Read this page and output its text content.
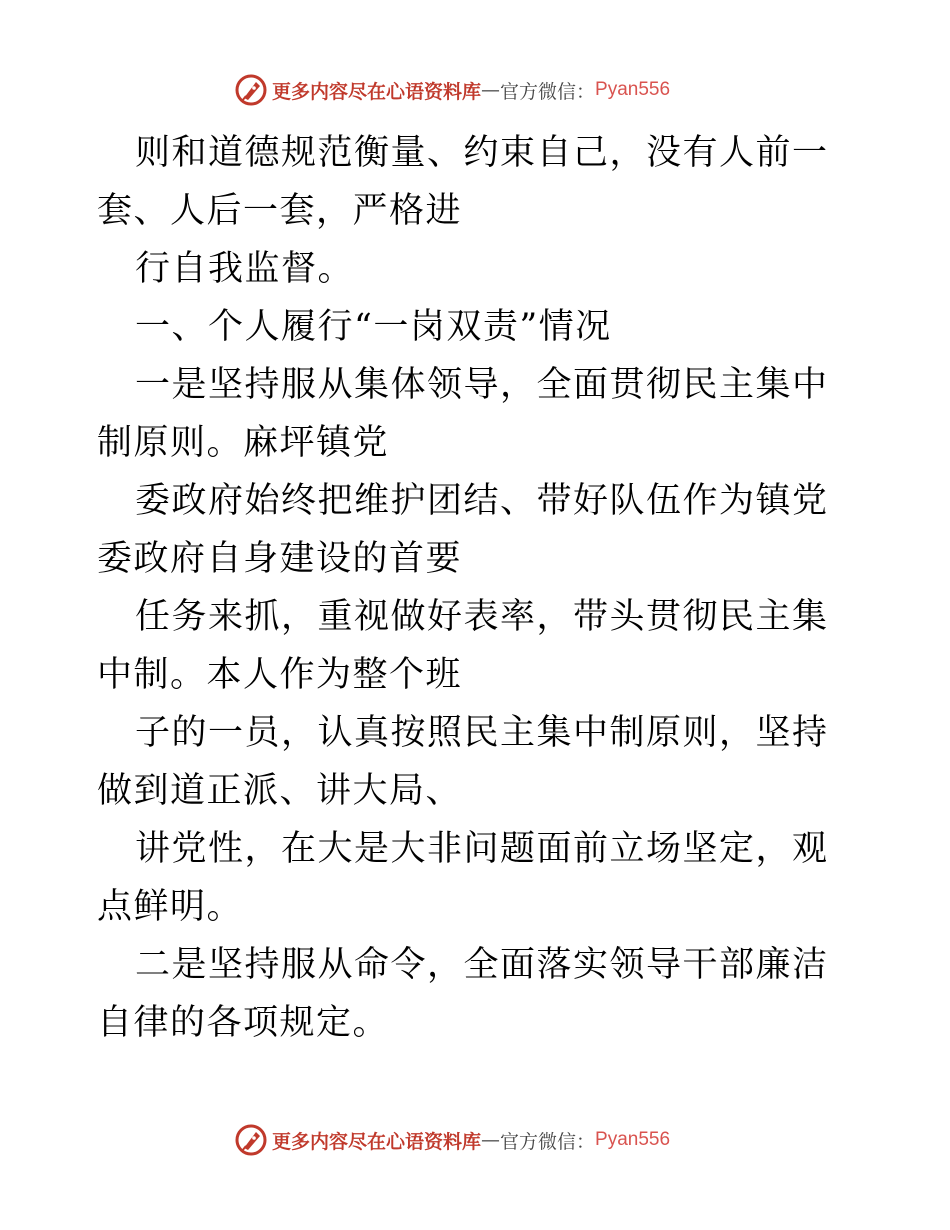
更多内容尽在心语资料库 — 官方微信： Pyan556

则和道德规范衡量、约束自己，没有人前一套、人后一套，严格进

行自我监督。

一、个人履行“一岗双责”情况

一是坚持服从集体领导，全面贯彻民主集中制原则。麻坪镇党

委政府始终把维护团结、带好队伍作为镇党委政府自身建设的首要

任务来抓，重视做好表率，带头贯彻民主集中制。本人作为整个班

子的一员，认真按照民主集中制原则，坚持做到道正派、讲大局、

讲党性，在大是大非问题面前立场坚定，观点鲜明。

二是坚持服从命令，全面落实领导干部廉洁自律的各项规定。

更多内容尽在心语资料库 — 官方微信： Pyan556
